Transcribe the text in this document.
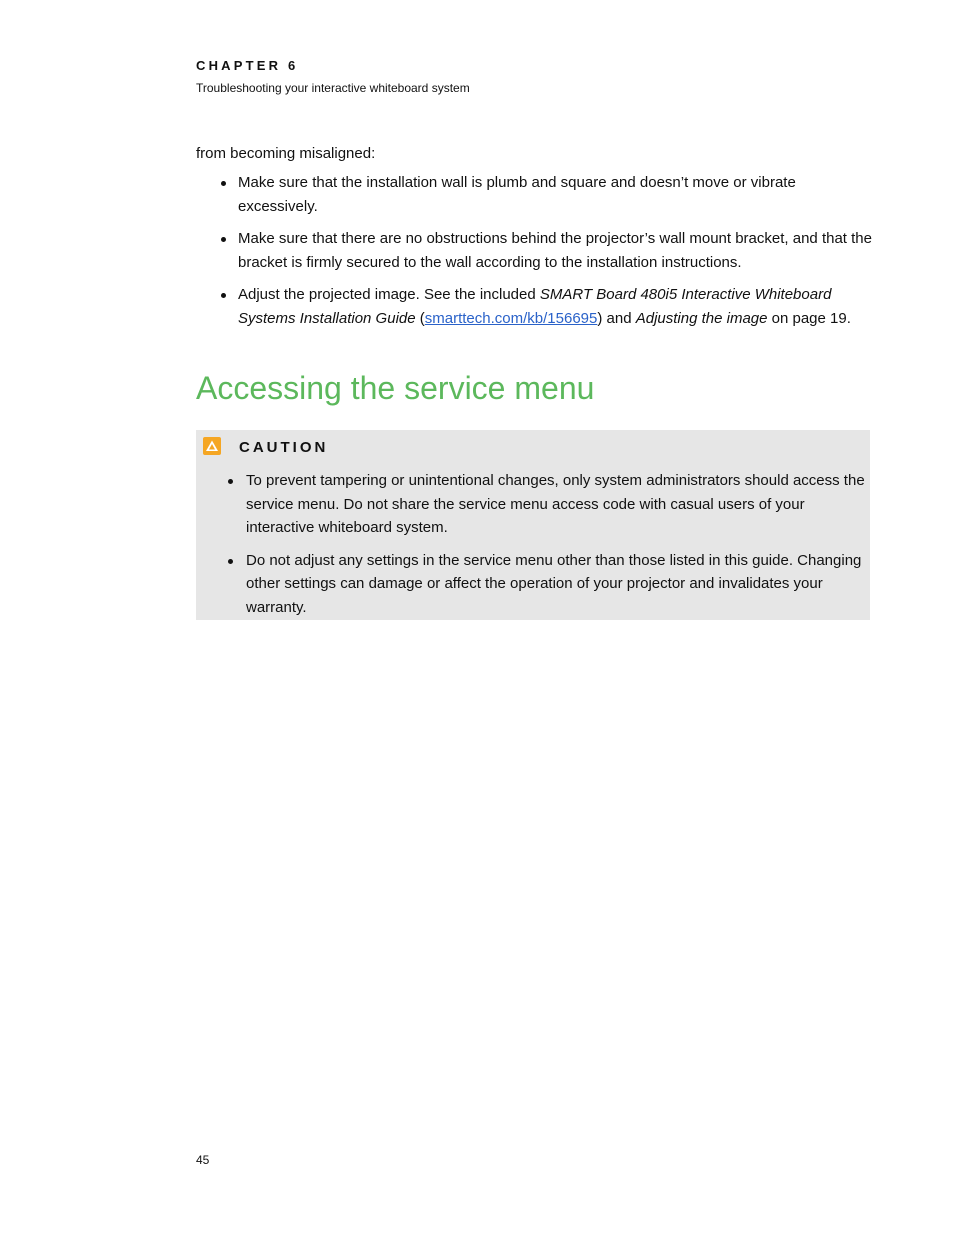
CHAPTER 6
Troubleshooting your interactive whiteboard system
from becoming misaligned:
Make sure that the installation wall is plumb and square and doesn’t move or vibrate excessively.
Make sure that there are no obstructions behind the projector’s wall mount bracket, and that the bracket is firmly secured to the wall according to the installation instructions.
Adjust the projected image. See the included SMART Board 480i5 Interactive Whiteboard Systems Installation Guide (smarttech.com/kb/156695) and Adjusting the image on page 19.
Accessing the service menu
CAUTION
To prevent tampering or unintentional changes, only system administrators should access the service menu. Do not share the service menu access code with casual users of your interactive whiteboard system.
Do not adjust any settings in the service menu other than those listed in this guide. Changing other settings can damage or affect the operation of your projector and invalidates your warranty.
45
